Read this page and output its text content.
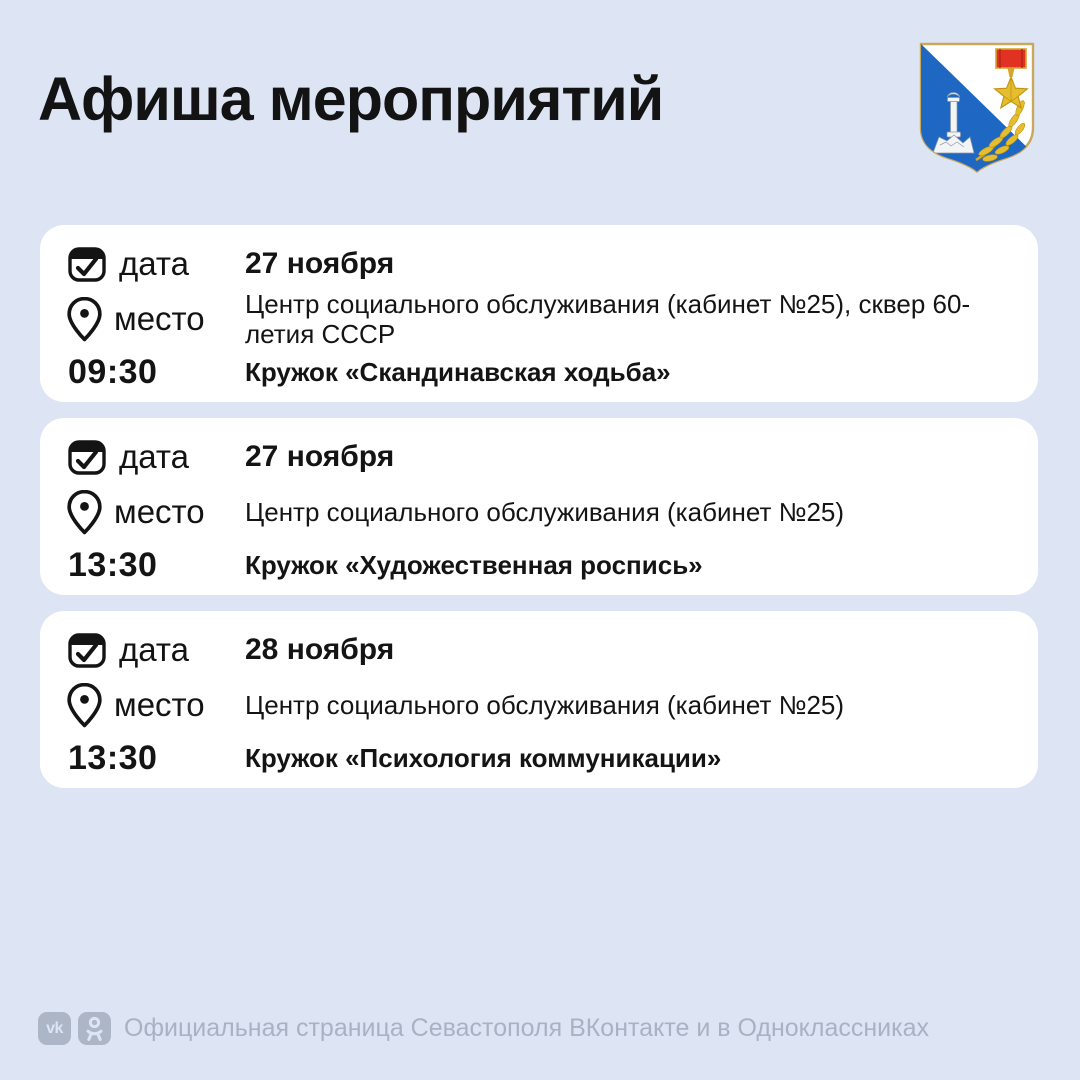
Афиша мероприятий
дата 27 ноября
место Центр социального обслуживания (кабинет №25), сквер 60-летия СССР
09:30	Кружок «Скандинавская ходьба»
дата 27 ноября
место Центр социального обслуживания (кабинет №25)
13:30	Кружок «Художественная роспись»
дата 28 ноября
место Центр социального обслуживания (кабинет №25)
13:30	Кружок «Психология коммуникации»
vk Официальная страница Севастополя ВКонтакте и в Одноклассниках
